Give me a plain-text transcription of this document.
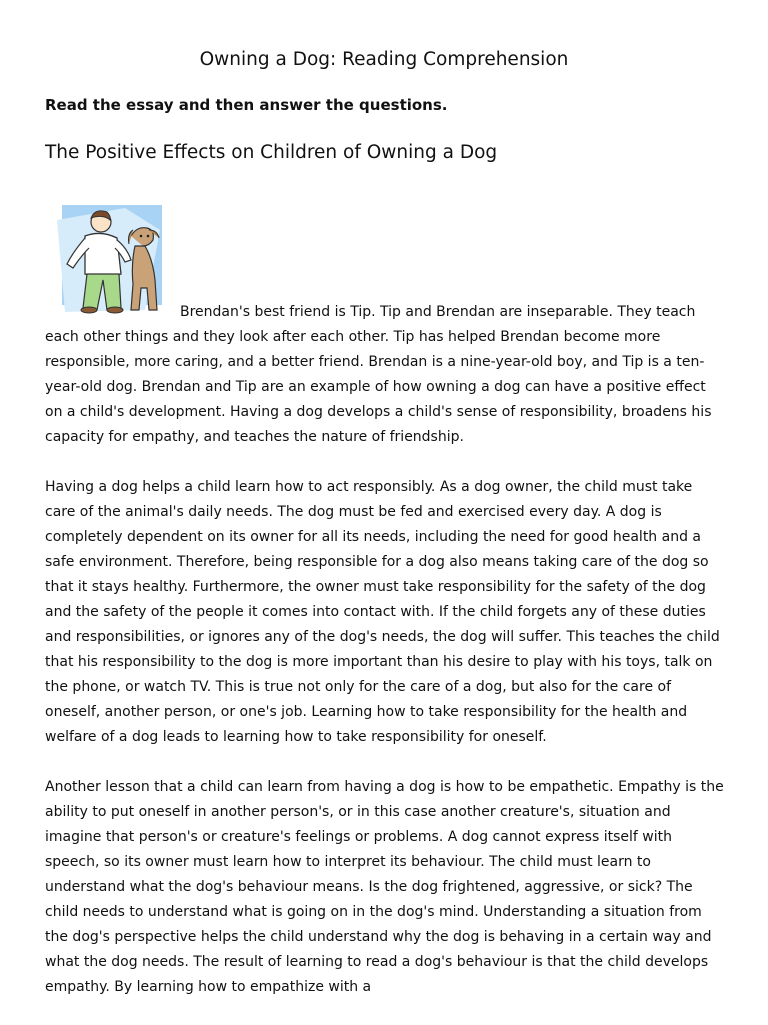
Owning a Dog: Reading Comprehension
Read the essay and then answer the questions.
The Positive Effects on Children of Owning a Dog

Brendan's best friend is Tip. Tip and Brendan are inseparable. They teach each other things and they look after each other. Tip has helped Brendan become more responsible, more caring, and a better friend. Brendan is a nine-year-old boy, and Tip is a ten-year-old dog. Brendan and Tip are an example of how owning a dog can have a positive effect on a child's development. Having a dog develops a child's sense of responsibility, broadens his capacity for empathy, and teaches the nature of friendship.

Having a dog helps a child learn how to act responsibly. As a dog owner, the child must take care of the animal's daily needs. The dog must be fed and exercised every day. A dog is completely dependent on its owner for all its needs, including the need for good health and a safe environment. Therefore, being responsible for a dog also means taking care of the dog so that it stays healthy. Furthermore, the owner must take responsibility for the safety of the dog and the safety of the people it comes into contact with. If the child forgets any of these duties and responsibilities, or ignores any of the dog's needs, the dog will suffer. This teaches the child that his responsibility to the dog is more important than his desire to play with his toys, talk on the phone, or watch TV. This is true not only for the care of a dog, but also for the care of oneself, another person, or one's job. Learning how to take responsibility for the health and welfare of a dog leads to learning how to take responsibility for oneself.

Another lesson that a child can learn from having a dog is how to be empathetic. Empathy is the ability to put oneself in another person's, or in this case another creature's, situation and imagine that person's or creature's feelings or problems. A dog cannot express itself with speech, so its owner must learn how to interpret its behaviour. The child must learn to understand what the dog's behaviour means. Is the dog frightened, aggressive, or sick? The child needs to understand what is going on in the dog's mind. Understanding a situation from the dog's perspective helps the child understand why the dog is behaving in a certain way and what the dog needs. The result of learning to read a dog's behaviour is that the child develops empathy. By learning how to empathize with a
